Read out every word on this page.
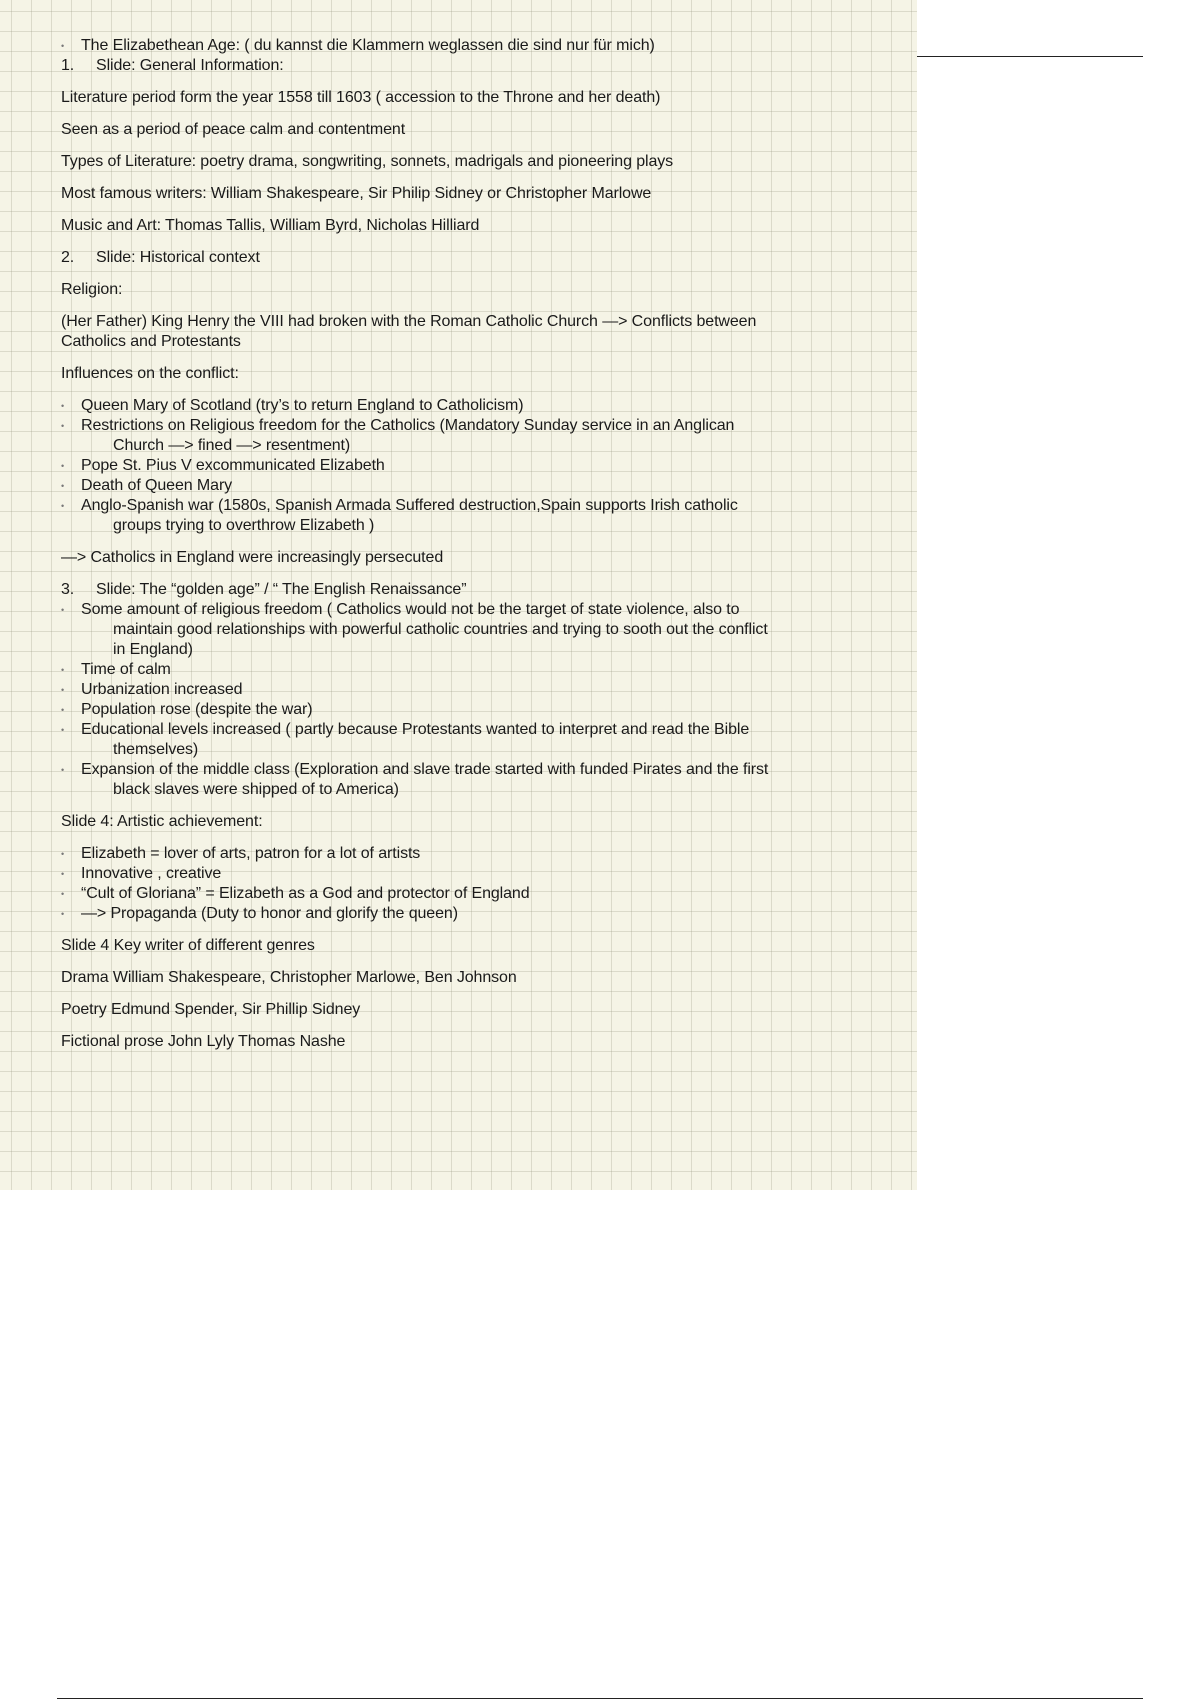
• The Elizabethean Age: ( du kannst die Klammern weglassen die sind nur für mich)
1.	Slide: General Information:

Literature period form the year 1558 till 1603 ( accession to the Throne and her death)

Seen as a period of peace calm and contentment

Types of Literature: poetry drama, songwriting, sonnets, madrigals and pioneering plays

Most famous writers: William Shakespeare, Sir Philip Sidney or Christopher Marlowe

Music and Art: Thomas Tallis, William Byrd, Nicholas Hilliard

2.	Slide: Historical context

Religion:

(Her Father) King Henry the VIII had broken with the Roman Catholic Church —> Conflicts between
Catholics and Protestants

Influences on the conflict:

• Queen Mary of Scotland (try’s to return England to Catholicism)
• Restrictions on Religious freedom for the Catholics (Mandatory Sunday service in an Anglican
Church —> fined —> resentment)
• Pope St. Pius V excommunicated Elizabeth
• Death of Queen Mary
• Anglo-Spanish war (1580s, Spanish Armada Suffered destruction,Spain supports Irish catholic
groups trying to overthrow Elizabeth )

—> Catholics in England were increasingly persecuted

3.	Slide: The “golden age” / “ The English Renaissance”
• Some amount of religious freedom ( Catholics would not be the target of state violence, also to
maintain good relationships with powerful catholic countries and trying to sooth out the conflict
in England)
• Time of calm
• Urbanization increased
• Population rose (despite the war)
• Educational levels increased ( partly because Protestants wanted to interpret and read the Bible
themselves)
• Expansion of the middle class (Exploration and slave trade started with funded Pirates and the first
black slaves were shipped of to America)

Slide 4: Artistic achievement:

• Elizabeth = lover of arts, patron for a lot of artists
• Innovative , creative
• “Cult of Gloriana” = Elizabeth as a God and protector of England
• —> Propaganda (Duty to honor and glorify the queen)

Slide 4 Key writer of different genres

Drama William Shakespeare, Christopher Marlowe, Ben Johnson

Poetry Edmund Spender, Sir Phillip Sidney

Fictional prose John Lyly Thomas Nashe
